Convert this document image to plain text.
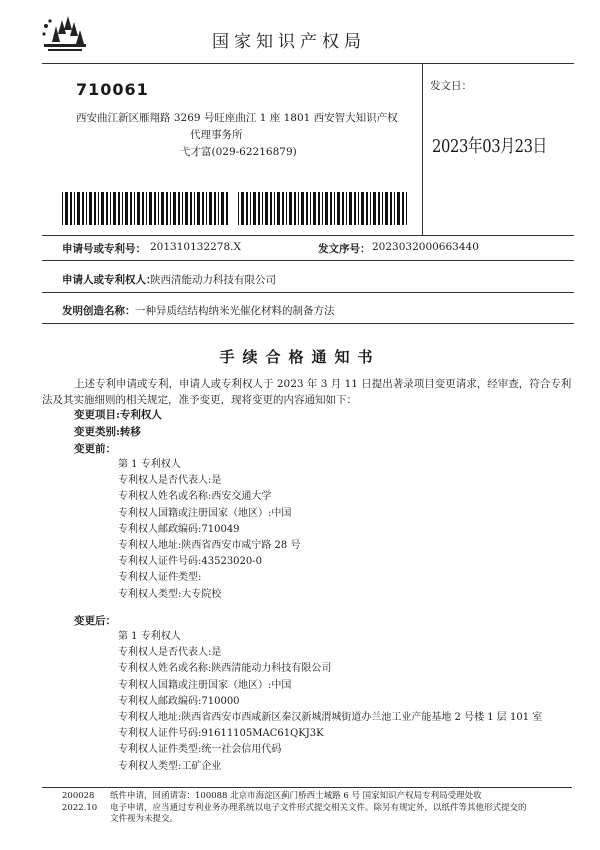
国家知识产权局
710061
西安曲江新区雁翔路 3269 号旺座曲江 1 座 1801 西安智大知识产权
代理事务所
弋才富(029-62216879)
发文日：
2023年03月23日
申请号或专利号： 201310132278.X	发文序号： 2023032000663440
申请人或专利权人：
陕西清能动力科技有限公司
发明创造名称： 一种异质结结构纳米光催化材料的制备方法
手续合格通知书
上述专利申请或专利，申请人或专利权人于 2023 年 3 月 11 日提出著录项目变更请求，经审查，符合专利法及其实施细则的相关规定，准予变更，现将变更的内容通知如下：
变更项目:专利权人
变更类别:转移
变更前：
第 1 专利权人
专利权人是否代表人:是
专利权人姓名或名称:西安交通大学
专利权人国籍或注册国家（地区）:中国
专利权人邮政编码:710049
专利权人地址:陕西省西安市咸宁路 28 号
专利权人证件号码:43523020-0
专利权人证件类型:
专利权人类型:大专院校
变更后：
第 1 专利权人
专利权人是否代表人:是
专利权人姓名或名称:陕西清能动力科技有限公司
专利权人国籍或注册国家（地区）:中国
专利权人邮政编码:710000
专利权人地址:陕西省西安市西咸新区秦汉新城渭城街道办兰池工业产能基地 2 号楼 1 层 101 室
专利权人证件号码:91611105MAC61QKJ3K
专利权人证件类型:统一社会信用代码
专利权人类型:工矿企业
200028
2022.10
纸件申请，回函请寄：100088 北京市海淀区蓟门桥西土城路 6 号 国家知识产权局专利局受理处收
电子申请，应当通过专利业务办理系统以电子文件形式提交相关文件。除另有规定外，以纸件等其他形式提交的
文件视为未提交。
